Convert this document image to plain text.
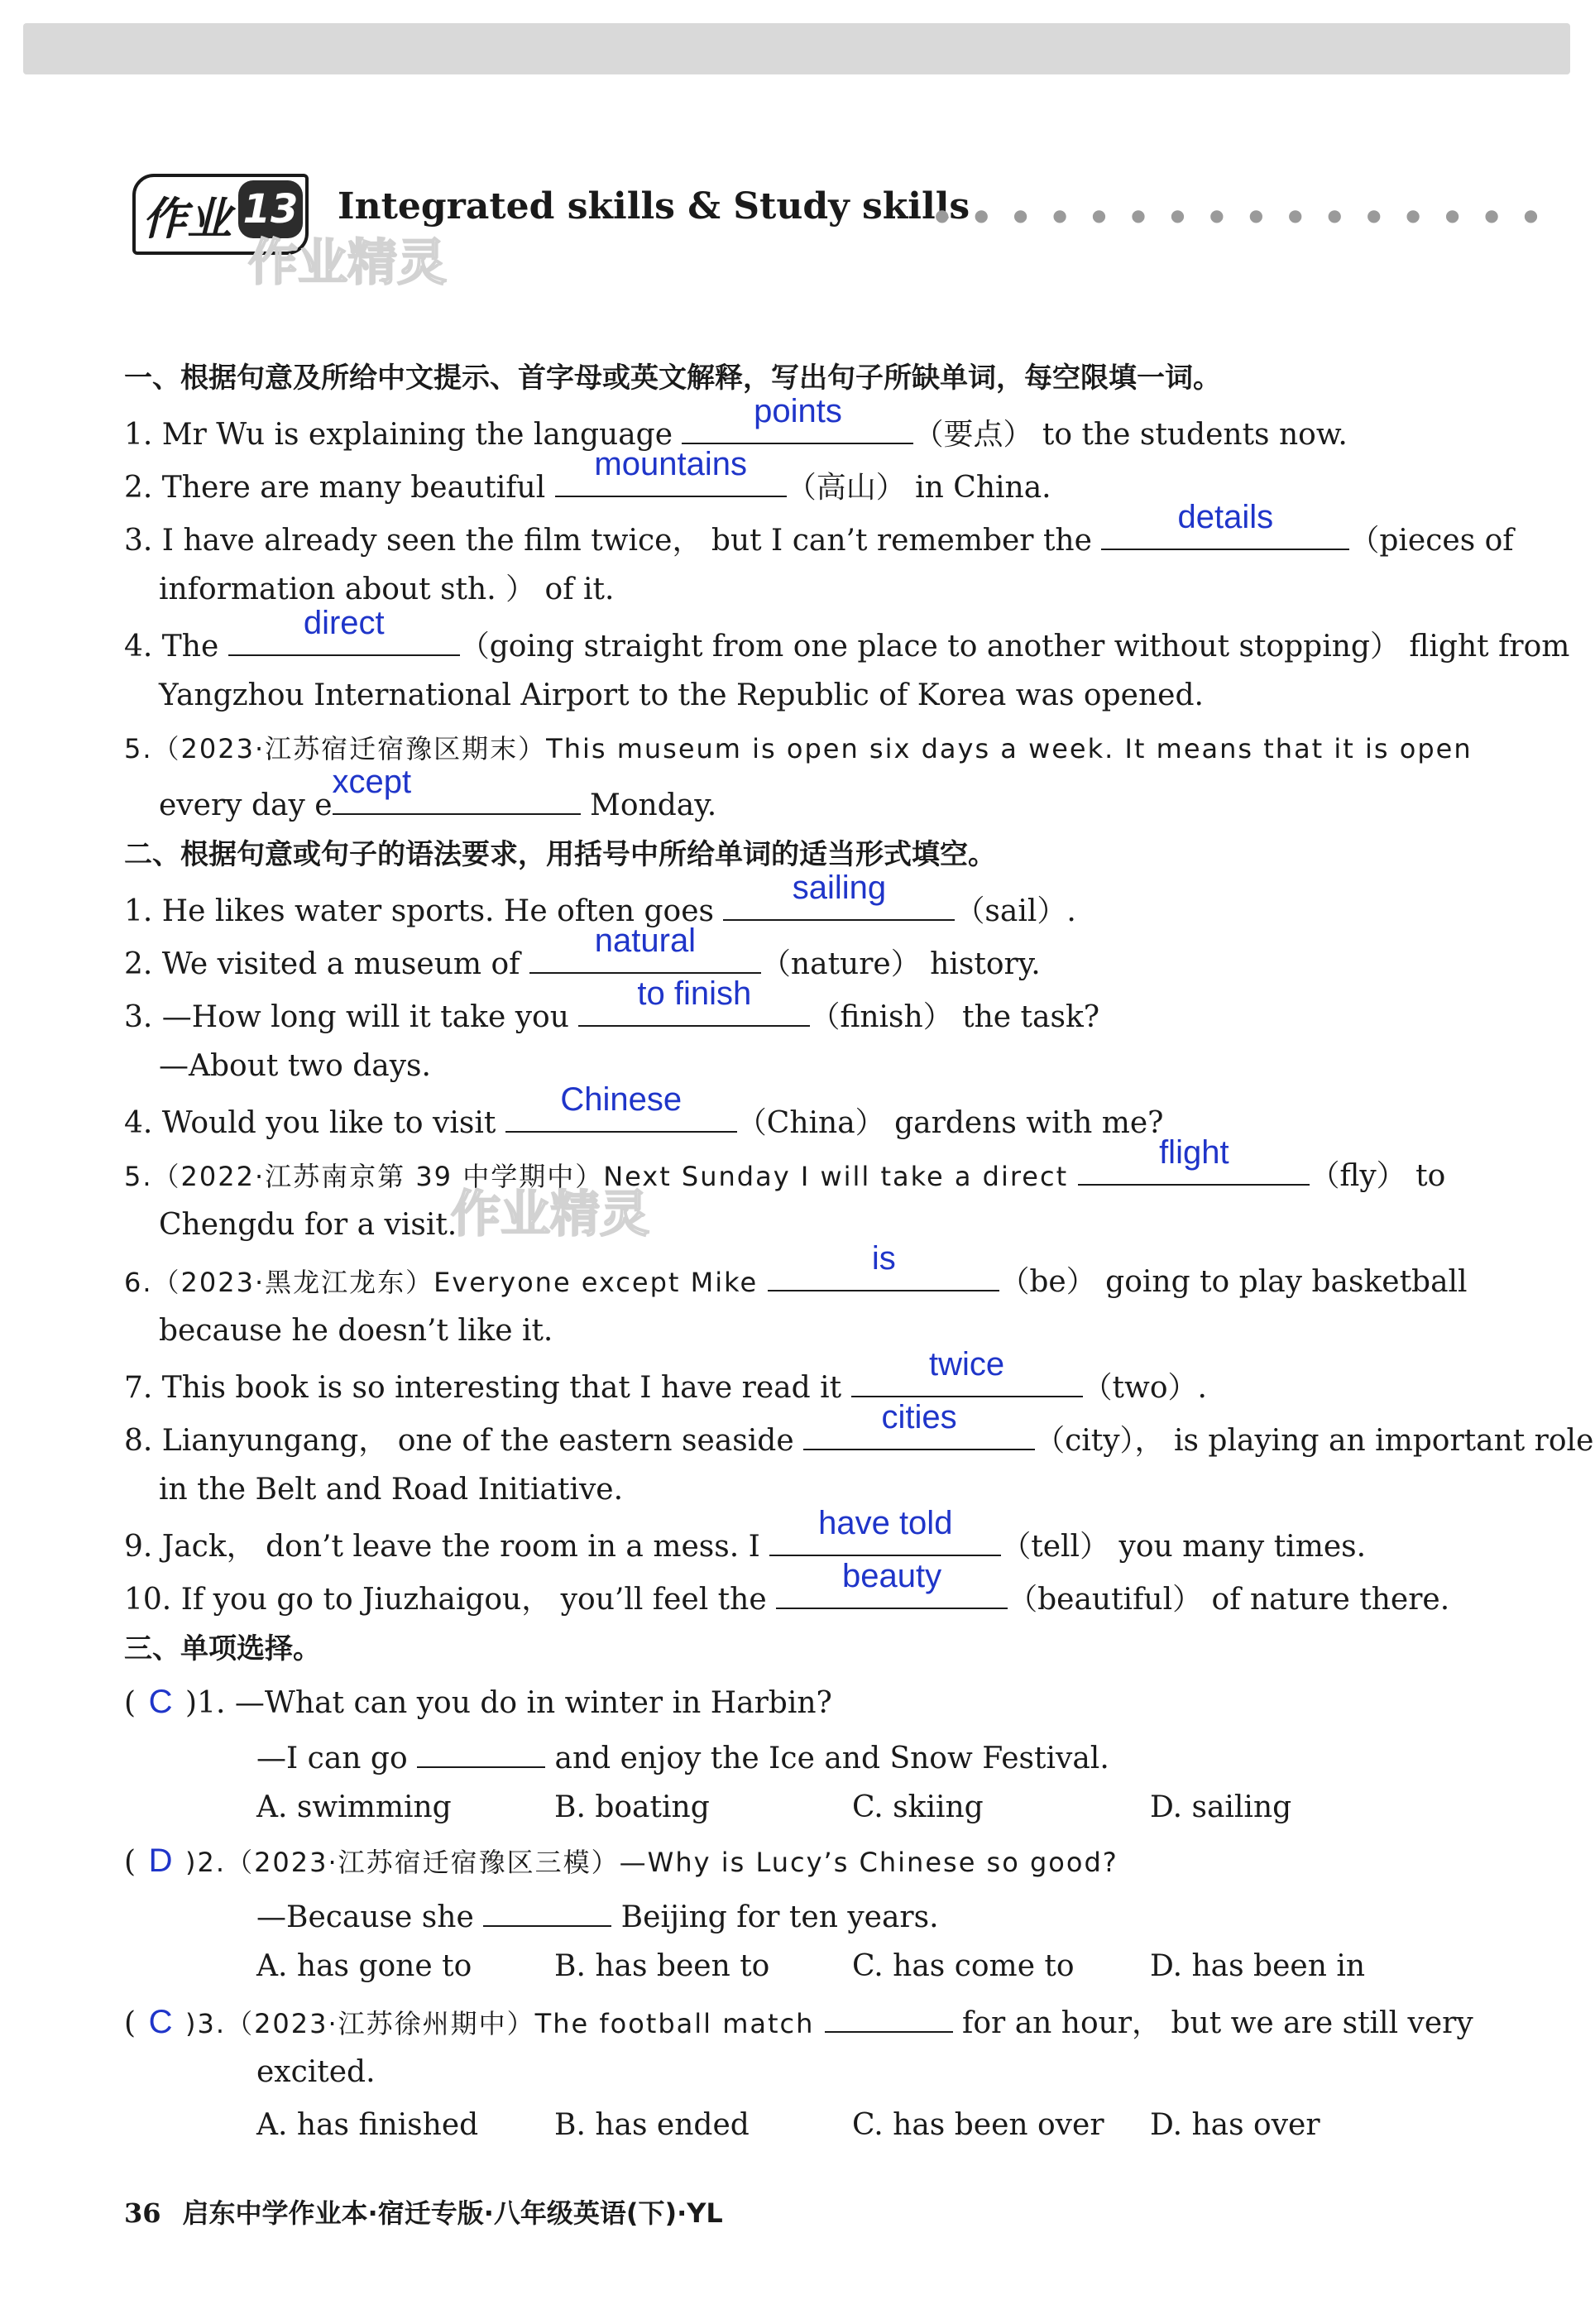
作业 13 Integrated skills & Study skills
●●●●●●●●●●●●●●●●
作业精灵
作业精灵
一、根据句意及所给中文提示、首字母或英文解释，写出句子所缺单词，每空限填一词。
1. Mr Wu is explaining the language
points
（要点） to the students now.
2. There are many beautiful
mountains
（高山） in China.
3. I have already seen the film twice， but I can’t remember the
details
（pieces of
information about sth. ） of it.
4. The
direct
（going straight from one place to another without stopping） flight from
Yangzhou International Airport to the Republic of Korea was opened.
5.（2023·江苏宿迁宿豫区期末）This museum is open six days a week. It means that it is open
every day e
xcept
Monday.
二、根据句意或句子的语法要求，用括号中所给单词的适当形式填空。
1. He likes water sports. He often goes
sailing
（sail）.
2. We visited a museum of
natural
（nature） history.
3. —How long will it take you
to finish
（finish） the task?
—About two days.
4. Would you like to visit
Chinese
（China） gardens with me?
5.（2022·江苏南京第 39 中学期中）Next Sunday I will take a direct
flight
（fly） to
Chengdu for a visit.
6.（2023·黑龙江龙东）Everyone except Mike
is
（be） going to play basketball
because he doesn’t like it.
7. This book is so interesting that I have read it
twice
（two）.
8. Lianyungang， one of the eastern seaside
cities
（city）， is playing an important role
in the Belt and Road Initiative.
9. Jack， don’t leave the room in a mess. I
have told
（tell） you many times.
10. If you go to Jiuzhaigou， you’ll feel the
beauty
（beautiful） of nature there.
三、单项选择。
( C )1. —What can you do in winter in Harbin?
—I can go	and enjoy the Ice and Snow Festival.
A. swimming	B. boating	C. skiing	D. sailing
( D )2.（2023·江苏宿迁宿豫区三模）—Why is Lucy’s Chinese so good?
—Because she	Beijing for ten years.
A. has gone to	B. has been to	C. has come to	D. has been in
( C )3.（2023·江苏徐州期中）The football match	for an hour， but we are still very
excited.
A. has finished	B. has ended	C. has been over	D. has over
36 启东中学作业本·宿迁专版·八年级英语(下)·YL
